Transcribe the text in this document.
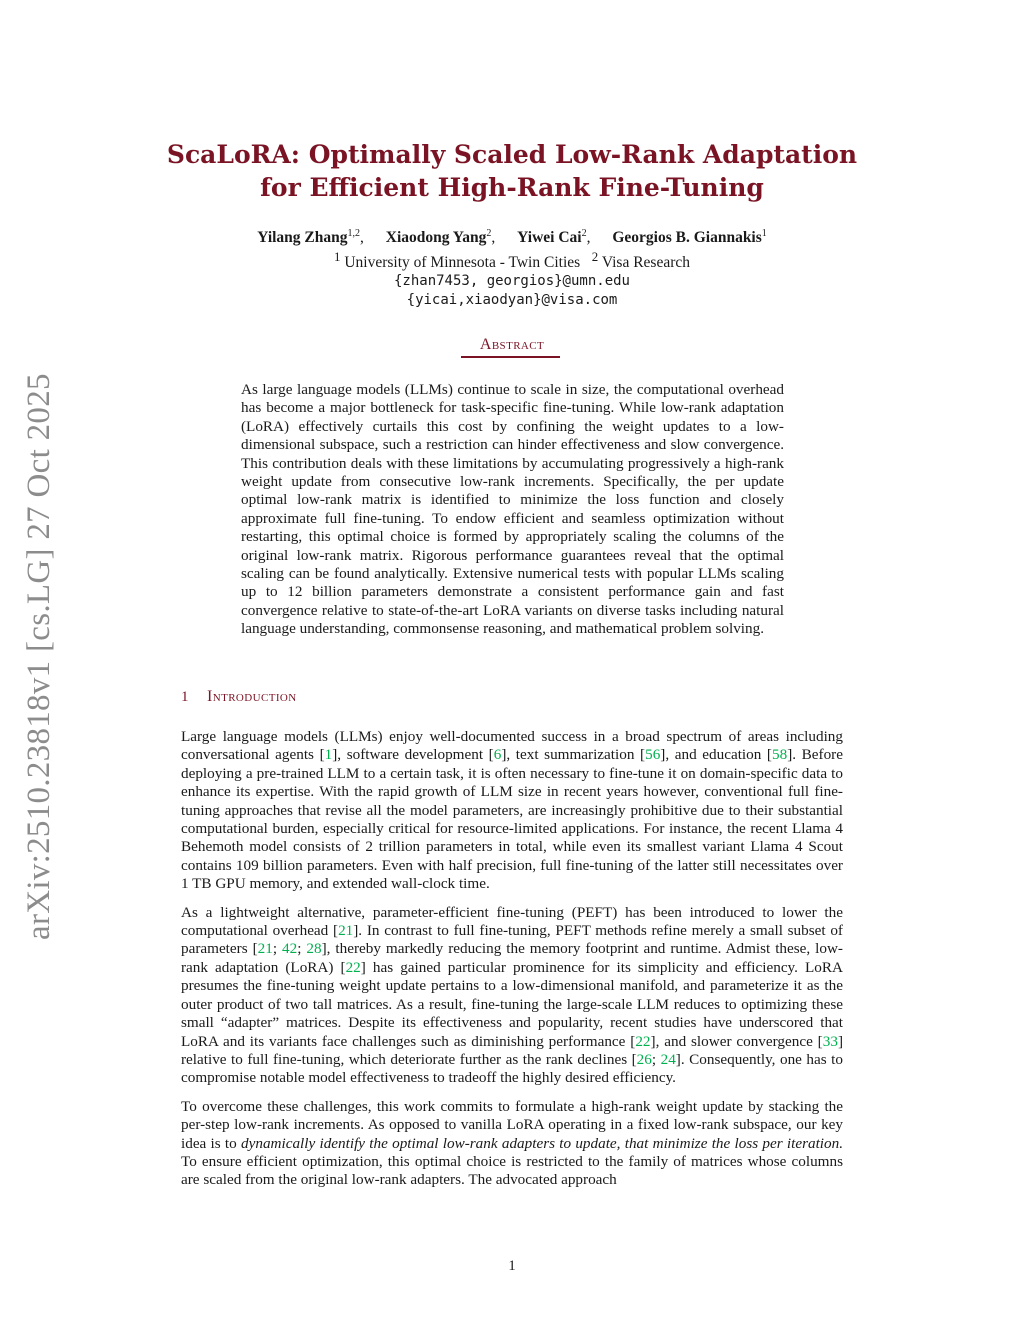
arXiv:2510.23818v1 [cs.LG] 27 Oct 2025
ScaLoRA: Optimally Scaled Low-Rank Adaptation
for Efficient High-Rank Fine-Tuning
Yilang Zhang$^{1,2}$, Xiaodong Yang$^2$, Yiwei Cai$^2$, Georgios B. Giannakis$^1$
$^1$ University of Minnesota - Twin Cities $^2$ Visa Research
{zhan7453, georgios}@umn.edu
{yicai,xiaodyan}@visa.com
Abstract

As large language models (LLMs) continue to scale in size, the computational overhead has become a major bottleneck for task-specific fine-tuning. While low-rank adaptation (LoRA) effectively curtails this cost by confining the weight updates to a low-dimensional subspace, such a restriction can hinder effectiveness and slow convergence. This contribution deals with these limitations by accumulating progressively a high-rank weight update from consecutive low-rank increments. Specifically, the per update optimal low-rank matrix is identified to minimize the loss function and closely approximate full fine-tuning. To endow efficient and seamless optimization without restarting, this optimal choice is formed by appropriately scaling the columns of the original low-rank matrix. Rigorous performance guarantees reveal that the optimal scaling can be found analytically. Extensive numerical tests with popular LLMs scaling up to 12 billion parameters demonstrate a consistent performance gain and fast convergence relative to state-of-the-art LoRA variants on diverse tasks including natural language understanding, commonsense reasoning, and mathematical problem solving.

1 Introduction

Large language models (LLMs) enjoy well-documented success in a broad spectrum of areas including conversational agents [1], software development [6], text summarization [56], and education [58]. Before deploying a pre-trained LLM to a certain task, it is often necessary to fine-tune it on domain-specific data to enhance its expertise. With the rapid growth of LLM size in recent years however, conventional full fine-tuning approaches that revise all the model parameters, are increasingly prohibitive due to their substantial computational burden, especially critical for resource-limited applications. For instance, the recent Llama 4 Behemoth model consists of 2 trillion parameters in total, while even its smallest variant Llama 4 Scout contains 109 billion parameters. Even with half precision, full fine-tuning of the latter still necessitates over 1 TB GPU memory, and extended wall-clock time.

As a lightweight alternative, parameter-efficient fine-tuning (PEFT) has been introduced to lower the computational overhead [21]. In contrast to full fine-tuning, PEFT methods refine merely a small subset of parameters [21; 42; 28], thereby markedly reducing the memory footprint and runtime. Admist these, low-rank adaptation (LoRA) [22] has gained particular prominence for its simplicity and efficiency. LoRA presumes the fine-tuning weight update pertains to a low-dimensional manifold, and parameterize it as the outer product of two tall matrices. As a result, fine-tuning the large-scale LLM reduces to optimizing these small “adapter” matrices. Despite its effectiveness and popularity, recent studies have underscored that LoRA and its variants face challenges such as diminishing performance [22], and slower convergence [33] relative to full fine-tuning, which deteriorate further as the rank declines [26; 24]. Consequently, one has to compromise notable model effectiveness to tradeoff the highly desired efficiency.

To overcome these challenges, this work commits to formulate a high-rank weight update by stacking the per-step low-rank increments. As opposed to vanilla LoRA operating in a fixed low-rank subspace, our key idea is to dynamically identify the optimal low-rank adapters to update, that minimize the loss per iteration. To ensure efficient optimization, this optimal choice is restricted to the family of matrices whose columns are scaled from the original low-rank adapters. The advocated approach

1
